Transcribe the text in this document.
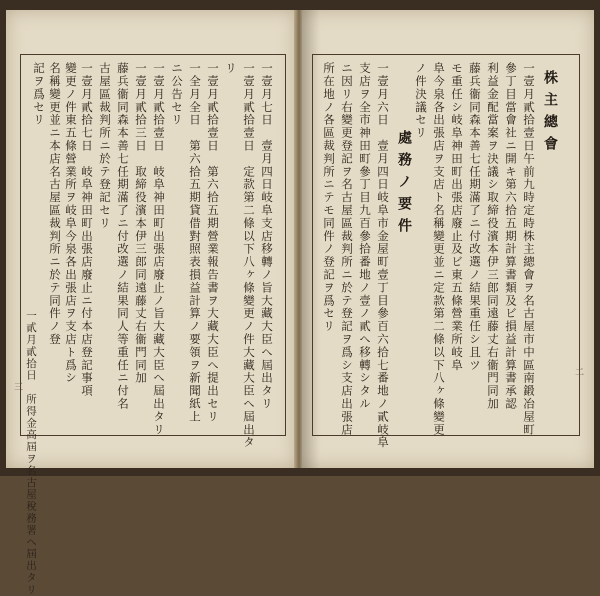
三	一壹月七日　壹月四日岐阜支店移轉ノ旨大藏大臣へ屆出タリ
一壹月貳拾壹日　定款第二條以下八ヶ條變更ノ件大藏大臣へ屆出タ
リ
一壹月貳拾壹日　第六拾五期營業報告書ヲ大藏大臣へ提出セリ
一全月全日　第六拾五期貸借對照表損益計算ノ要領ヲ新聞紙上
ニ公告セリ
一壹月貳拾壹日　岐阜神田町出張店廢止ノ旨大藏大臣へ屆出タリ
一壹月貳拾三日　取締役濱本伊三郎同遠藤丈右衞門同加
藤兵衞同森本善七任期滿了ニ付改選ノ結果同人等重任ニ付名
古屋區裁判所ニ於テ登記セリ
一壹月貳拾七日　岐阜神田町出張店廢止ニ付本店登記事項
變更ノ件東五條營業所ヲ岐阜今泉各出張店ヲ支店ト爲シ
名稱變更並ニ本店名古屋區裁判所ニ於テ同件ノ登
記ヲ爲セリ
一貳月貳拾日　所得金高屆ヲ名古屋稅務署へ屆出タリ	二
株主總會
一壹月貳拾壹日午前九時定時株主總會ヲ名古屋市中區南鍛冶屋町
參丁目當會社ニ開キ第六拾五期計算書類及ビ損益計算書承認
利益金配當案ヲ決議シ取締役濱本伊三郎同遠藤丈右衞門同加
藤兵衞同森本善七任期滿了ニ付改選ノ結果重任シ且ツ
モ重任シ岐阜神田町出張店廢止及ビ東五條營業所岐阜
阜今泉各出張店ヲ支店ト名稱變更並ニ定款第二條以下八ヶ條變更
ノ件決議セリ
處務ノ要件
一壹月六日　壹月四日岐阜市金屋町壹丁目參百六拾七番地ノ貳岐阜
支店ヲ全市神田町參丁目九百參拾番地ノ壹ノ貳へ移轉シタル
ニ因リ右變更登記ヲ名古屋區裁判所ニ於テ登記ヲ爲シ支店出張店
所在地ノ各區裁判所ニテモ同件ノ登記ヲ爲セリ
